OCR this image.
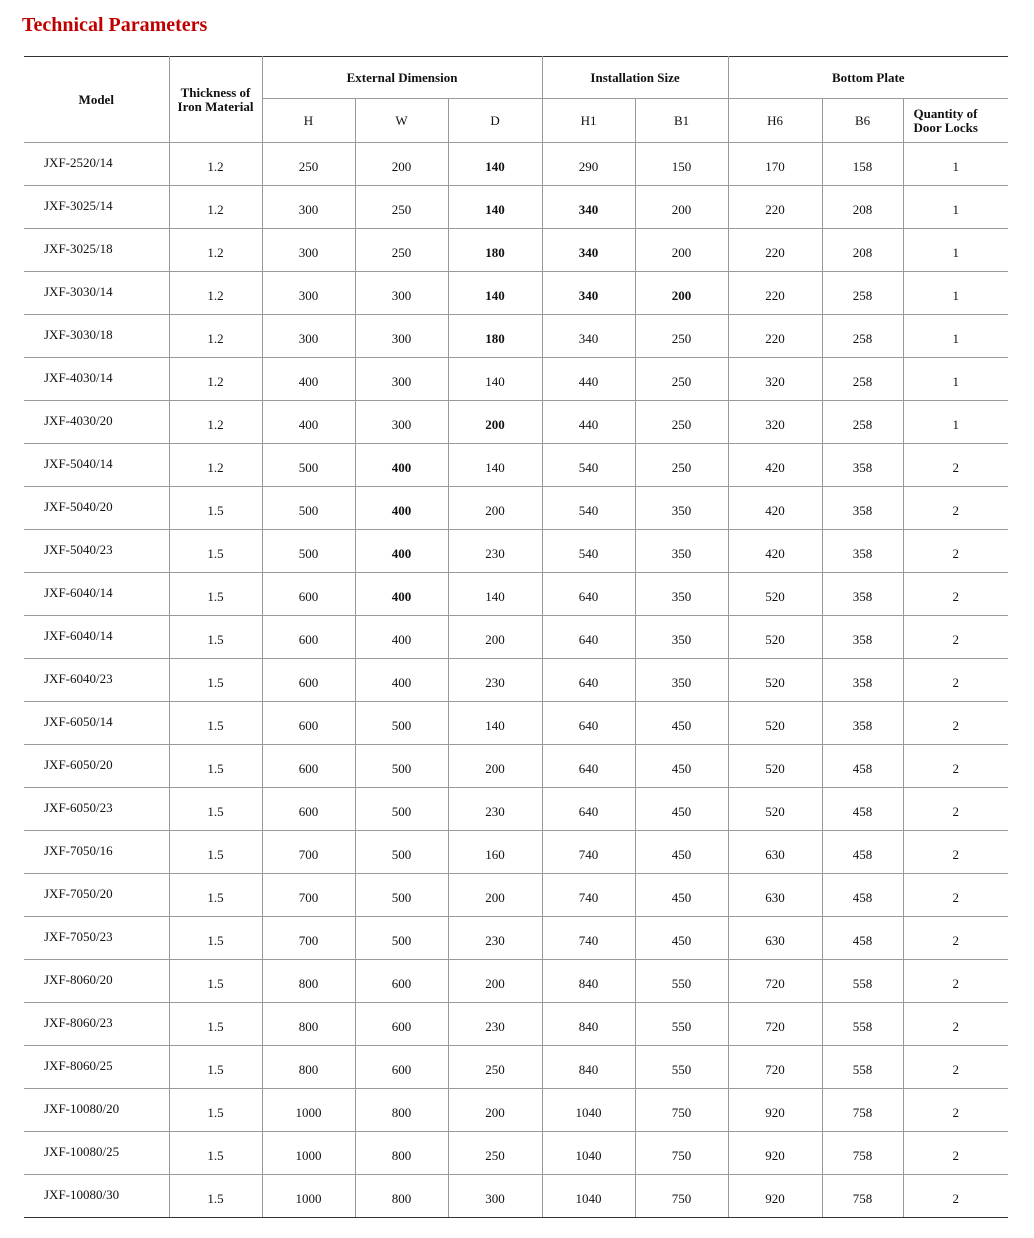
Technical Parameters
Model	Thickness of Iron Material	External Dimension			Installation Size		Bottom Plate		
		H	W	D	H1	B1	H6	B6	Quantity of Door Locks
JXF-2520/14	1.2	250	200	140	290	150	170	158	1
JXF-3025/14	1.2	300	250	140	340	200	220	208	1
JXF-3025/18	1.2	300	250	180	340	200	220	208	1
JXF-3030/14	1.2	300	300	140	340	200	220	258	1
JXF-3030/18	1.2	300	300	180	340	250	220	258	1
JXF-4030/14	1.2	400	300	140	440	250	320	258	1
JXF-4030/20	1.2	400	300	200	440	250	320	258	1
JXF-5040/14	1.2	500	400	140	540	250	420	358	2
JXF-5040/20	1.5	500	400	200	540	350	420	358	2
JXF-5040/23	1.5	500	400	230	540	350	420	358	2
JXF-6040/14	1.5	600	400	140	640	350	520	358	2
JXF-6040/14	1.5	600	400	200	640	350	520	358	2
JXF-6040/23	1.5	600	400	230	640	350	520	358	2
JXF-6050/14	1.5	600	500	140	640	450	520	358	2
JXF-6050/20	1.5	600	500	200	640	450	520	458	2
JXF-6050/23	1.5	600	500	230	640	450	520	458	2
JXF-7050/16	1.5	700	500	160	740	450	630	458	2
JXF-7050/20	1.5	700	500	200	740	450	630	458	2
JXF-7050/23	1.5	700	500	230	740	450	630	458	2
JXF-8060/20	1.5	800	600	200	840	550	720	558	2
JXF-8060/23	1.5	800	600	230	840	550	720	558	2
JXF-8060/25	1.5	800	600	250	840	550	720	558	2
JXF-10080/20	1.5	1000	800	200	1040	750	920	758	2
JXF-10080/25	1.5	1000	800	250	1040	750	920	758	2
JXF-10080/30	1.5	1000	800	300	1040	750	920	758	2
